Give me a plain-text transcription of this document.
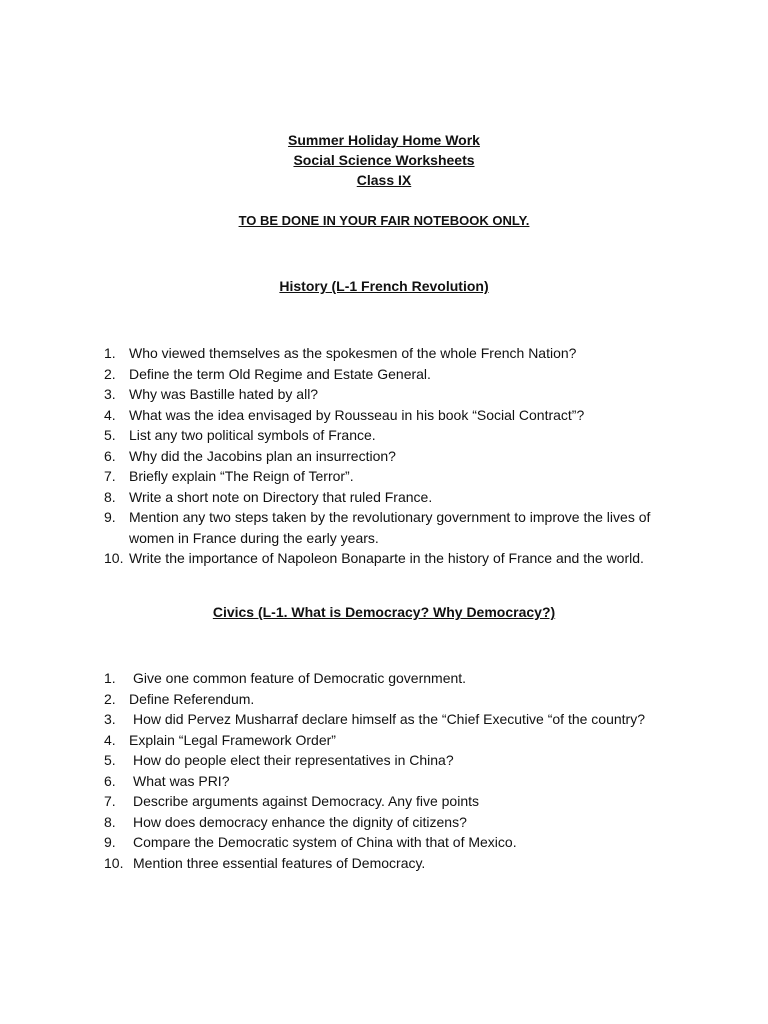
Summer Holiday Home Work
Social Science Worksheets
Class IX
TO BE DONE IN YOUR FAIR NOTEBOOK ONLY.
History (L-1 French Revolution)
1. Who viewed themselves as the spokesmen of the whole French Nation?
2. Define the term Old Regime and Estate General.
3. Why was Bastille hated by all?
4. What was the idea envisaged by Rousseau in his book “Social Contract”?
5. List any two political symbols of France.
6. Why did the Jacobins plan an insurrection?
7. Briefly explain “The Reign of Terror”.
8. Write a short note on Directory that ruled France.
9. Mention any two steps taken by the revolutionary government to improve the lives of women in France during the early years.
10. Write the importance of Napoleon Bonaparte in the history of France and the world.
Civics (L-1. What is Democracy? Why Democracy?)
1. Give one common feature of Democratic government.
2. Define Referendum.
3. How did Pervez Musharraf declare himself as the “Chief Executive “of the country?
4. Explain “Legal Framework Order”
5. How do people elect their representatives in China?
6. What was PRI?
7. Describe arguments against Democracy. Any five points
8. How does democracy enhance the dignity of citizens?
9. Compare the Democratic system of China with that of Mexico.
10. Mention three essential features of Democracy.
